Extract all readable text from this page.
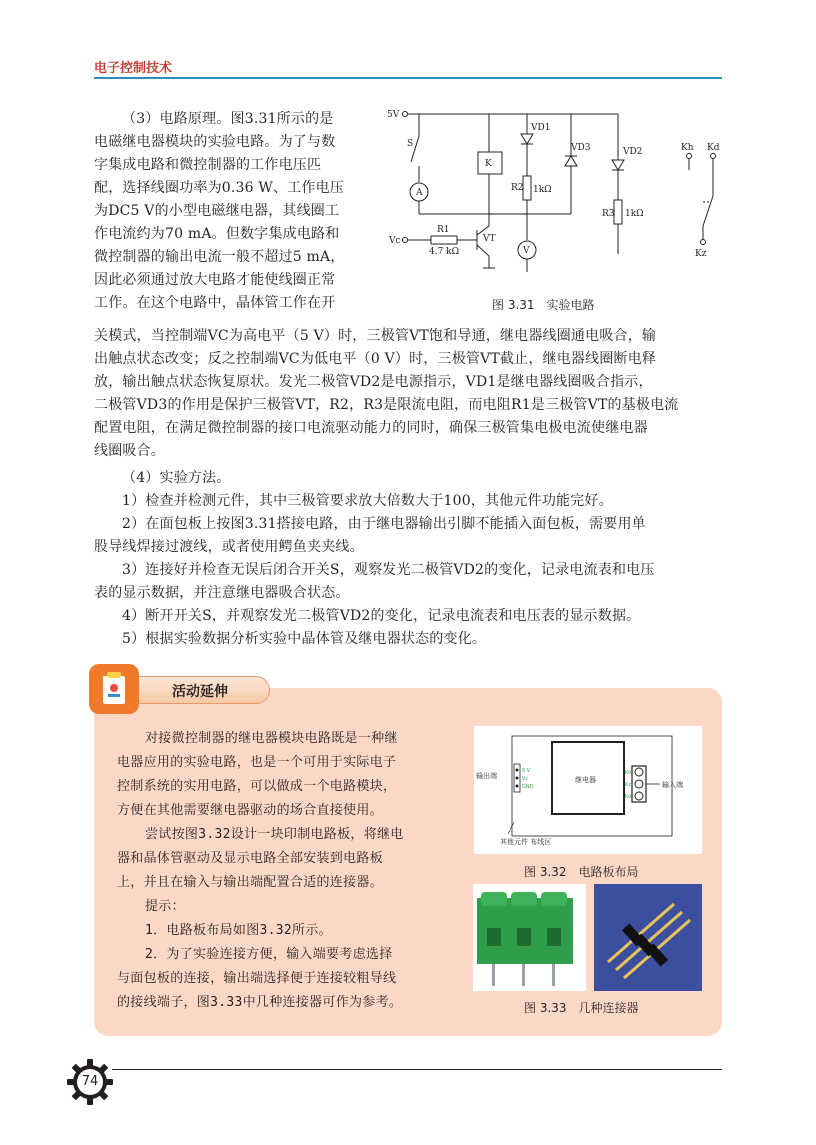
电子控制技术
（3）电路原理。图3.31所示的是
电磁继电器模块的实验电路。为了与数
字集成电路和微控制器的工作电压匹
配，选择线圈功率为0.36 W、工作电压
为DC5 V的小型电磁继电器，其线圈工
作电流约为70 mA。但数字集成电路和
微控制器的输出电流一般不超过5 mA，
因此必须通过放大电路才能使线圈正常
工作。在这个电路中，晶体管工作在开
5V
S
A
K
Vc
R1
4.7 kΩ
VT
VD1
VD3	VD2
R2 1kΩ
R3 1kΩ
V
Kh Kd
Kz
图 3.31　实验电路
关模式，当控制端VC为高电平（5 V）时，三极管VT饱和导通，继电器线圈通电吸合，输
出触点状态改变；反之控制端VC为低电平（0 V）时，三极管VT截止，继电器线圈断电释
放，输出触点状态恢复原状。发光二极管VD2是电源指示，VD1是继电器线圈吸合指示，
二极管VD3的作用是保护三极管VT，R2，R3是限流电阻，而电阻R1是三极管VT的基极电流
配置电阻，在满足微控制器的接口电流驱动能力的同时，确保三极管集电极电流使继电器
线圈吸合。
（4）实验方法。
1）检查并检测元件，其中三极管要求放大倍数大于100，其他元件功能完好。
2）在面包板上按图3.31搭接电路，由于继电器输出引脚不能插入面包板，需要用单
股导线焊接过渡线，或者使用鳄鱼夹夹线。
3）连接好并检查无误后闭合开关S，观察发光二极管VD2的变化，记录电流表和电压
表的显示数据，并注意继电器吸合状态。
4）断开开关S，并观察发光二极管VD2的变化，记录电流表和电压表的显示数据。
5）根据实验数据分析实验中晶体管及继电器状态的变化。
活动延伸
对接微控制器的继电器模块电路既是一种继
电器应用的实验电路，也是一个可用于实际电子
控制系统的实用电路，可以做成一个电路模块，
方便在其他需要继电器驱动的场合直接使用。
尝试按图3.32设计一块印制电路板，将继电
器和晶体管驱动及显示电路全部安装到电路板
上，并且在输入与输出端配置合适的连接器。
提示：
1．电路板布局如图3.32所示。
2．为了实验连接方便，输入端要考虑选择
与面包板的连接，输出端选择便于连接较粗导线
的接线端子，图3.33中几种连接器可作为参考。
输出端
输入端
继电器
5 V
Vc
GND
Kh
Kz
Kd
其他元件 布线区
图 3.32　电路板布局
图 3.33　几种连接器
74
